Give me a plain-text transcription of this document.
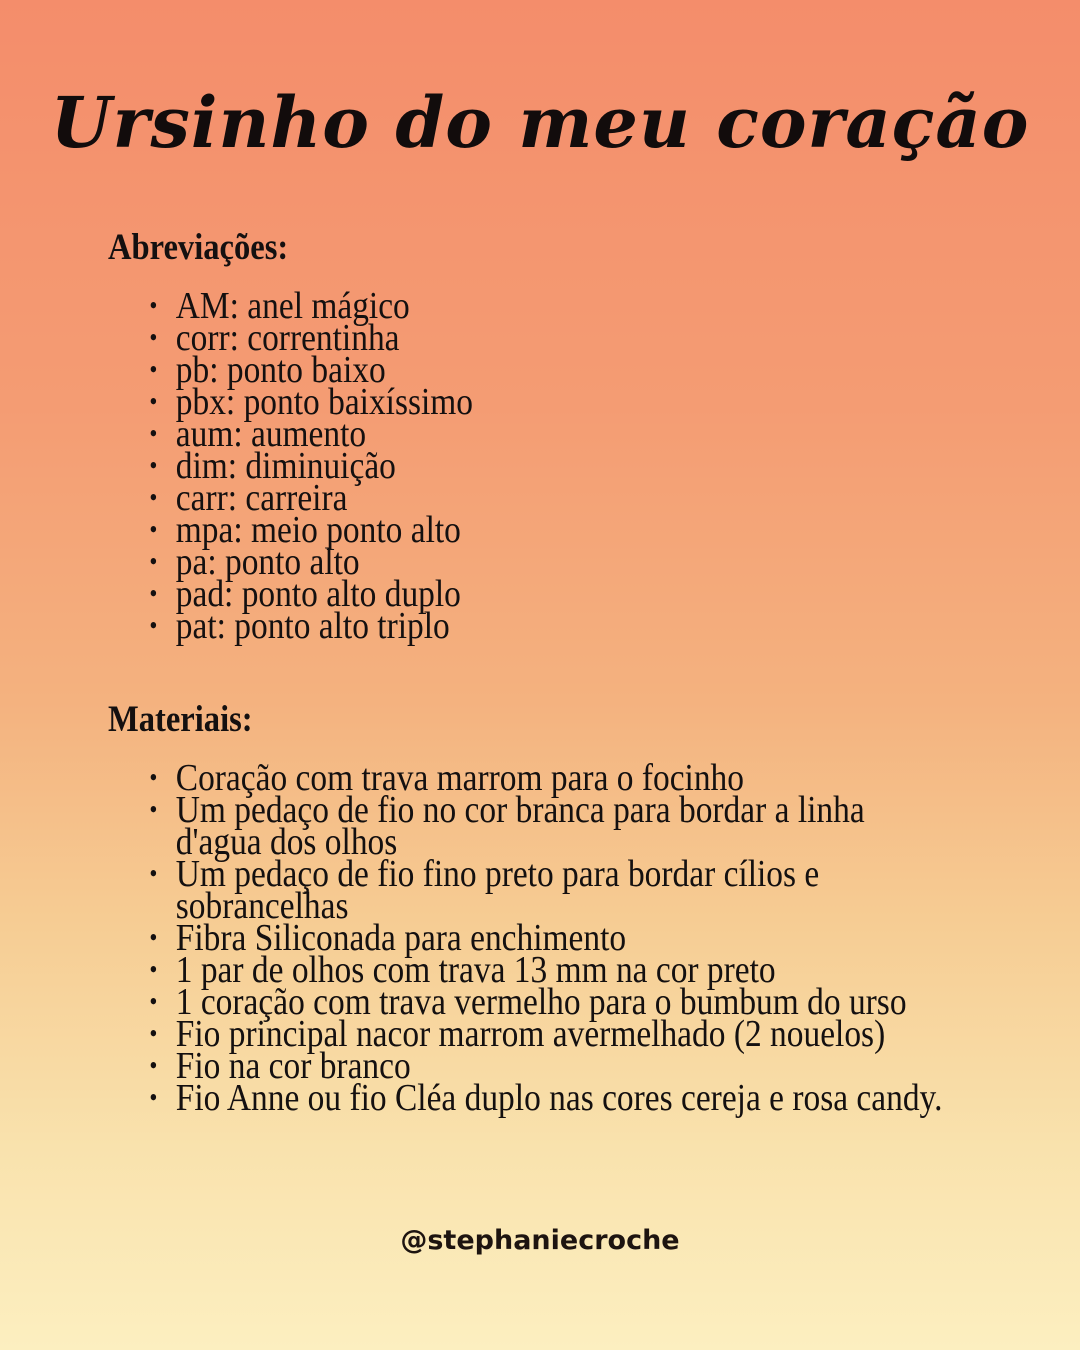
Ursinho do meu coração
Abreviações:
• AM: anel mágico
• corr: correntinha
• pb: ponto baixo
• pbx: ponto baixíssimo
• aum: aumento
• dim: diminuição
• carr: carreira
• mpa: meio ponto alto
• pa: ponto alto
• pad: ponto alto duplo
• pat: ponto alto triplo
Materiais:
• Coração com trava marrom para o focinho
• Um pedaço de fio no cor branca para bordar a linha d'agua dos olhos
• Um pedaço de fio fino preto para bordar cílios e sobrancelhas
• Fibra Siliconada para enchimento
• 1 par de olhos com trava 13 mm na cor preto
• 1 coração com trava vermelho para o bumbum do urso
• Fio principal nacor marrom avermelhado (2 nouelos)
• Fio na cor branco
• Fio Anne ou fio Cléa duplo nas cores cereja e rosa candy.
@stephaniecroche
